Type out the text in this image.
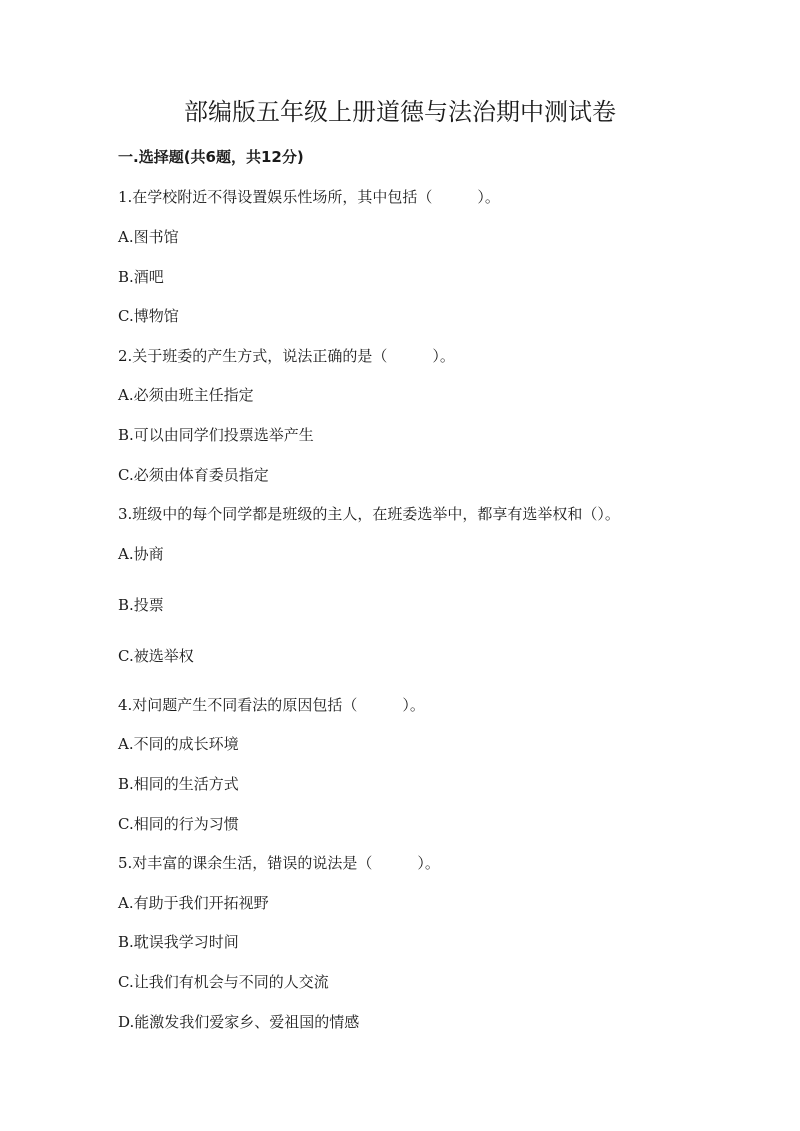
部编版五年级上册道德与法治期中测试卷
一.选择题(共6题，共12分)
1.在学校附近不得设置娱乐性场所，其中包括（　　　）。
A.图书馆
B.酒吧
C.博物馆
2.关于班委的产生方式，说法正确的是（　　　）。
A.必须由班主任指定
B.可以由同学们投票选举产生
C.必须由体育委员指定
3.班级中的每个同学都是班级的主人，在班委选举中，都享有选举权和（）。
A.协商
B.投票
C.被选举权
4.对问题产生不同看法的原因包括（　　　）。
A.不同的成长环境
B.相同的生活方式
C.相同的行为习惯
5.对丰富的课余生活，错误的说法是（　　　）。
A.有助于我们开拓视野
B.耽误我学习时间
C.让我们有机会与不同的人交流
D.能激发我们爱家乡、爱祖国的情感
